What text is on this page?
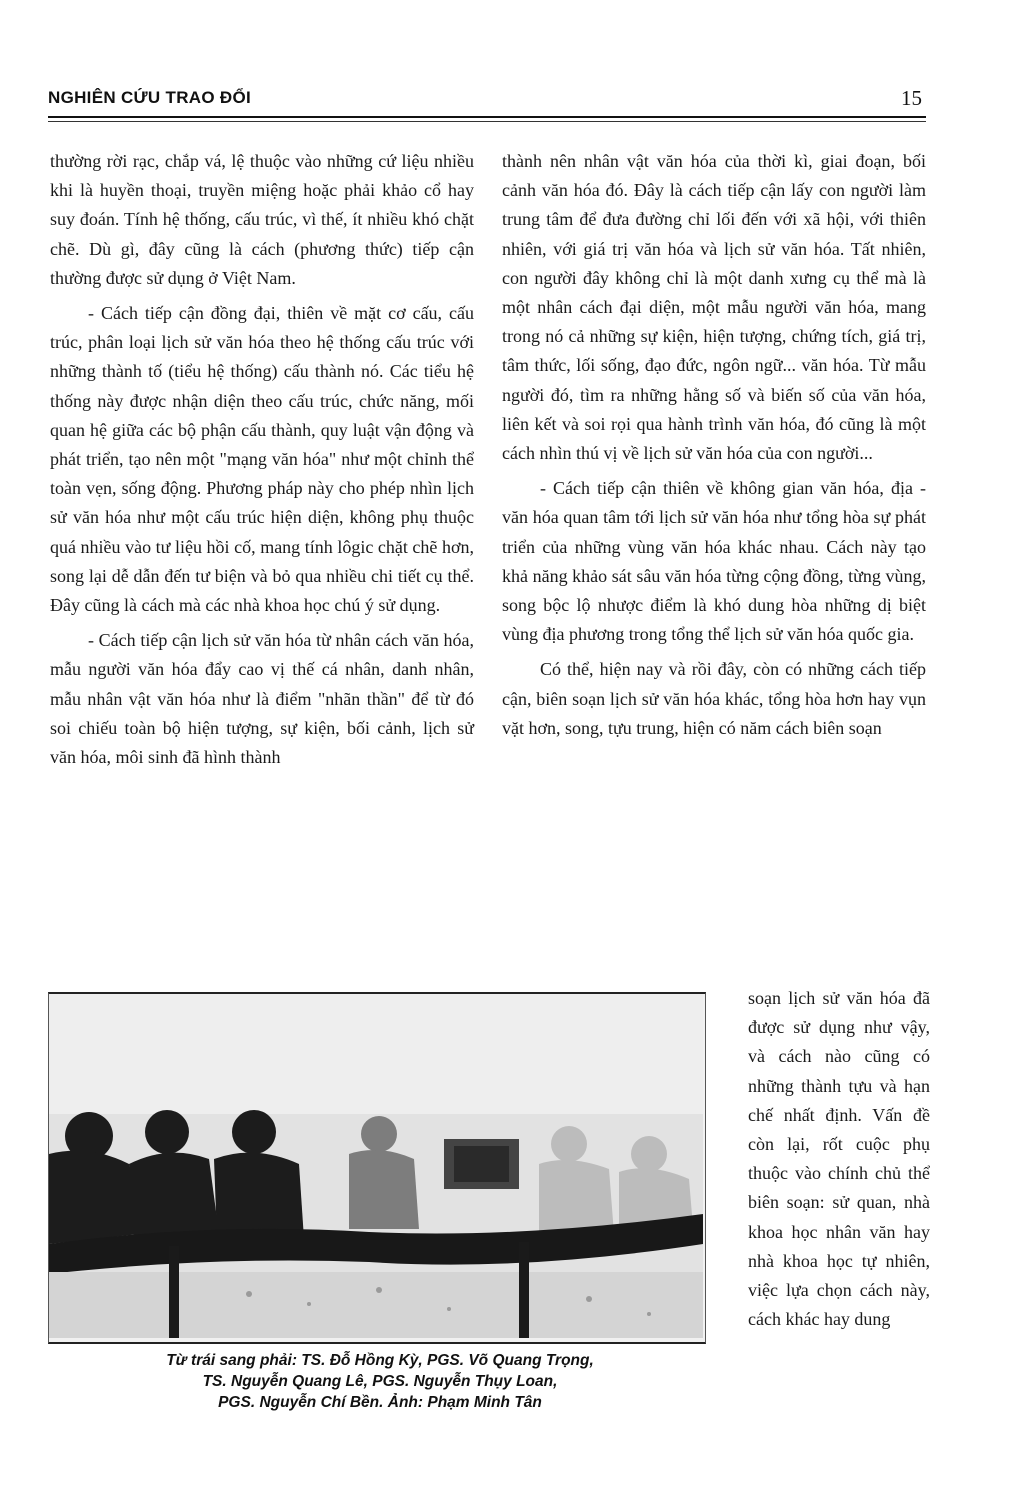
NGHIÊN CỨU TRAO ĐỔI	15

thường rời rạc, chắp vá, lệ thuộc vào những cứ liệu nhiều khi là huyền thoại, truyền miệng hoặc phải khảo cổ hay suy đoán. Tính hệ thống, cấu trúc, vì thế, ít nhiều khó chặt chẽ. Dù gì, đây cũng là cách (phương thức) tiếp cận thường được sử dụng ở Việt Nam.

- Cách tiếp cận đồng đại, thiên về mặt cơ cấu, cấu trúc, phân loại lịch sử văn hóa theo hệ thống cấu trúc với những thành tố (tiểu hệ thống) cấu thành nó. Các tiểu hệ thống này được nhận diện theo cấu trúc, chức năng, mối quan hệ giữa các bộ phận cấu thành, quy luật vận động và phát triển, tạo nên một "mạng văn hóa" như một chỉnh thể toàn vẹn, sống động. Phương pháp này cho phép nhìn lịch sử văn hóa như một cấu trúc hiện diện, không phụ thuộc quá nhiều vào tư liệu hồi cố, mang tính lôgic chặt chẽ hơn, song lại dễ dẫn đến tư biện và bỏ qua nhiều chi tiết cụ thể. Đây cũng là cách mà các nhà khoa học chú ý sử dụng.

- Cách tiếp cận lịch sử văn hóa từ nhân cách văn hóa, mẫu người văn hóa đẩy cao vị thế cá nhân, danh nhân, mẫu nhân vật văn hóa như là điểm "nhãn thần" để từ đó soi chiếu toàn bộ hiện tượng, sự kiện, bối cảnh, lịch sử văn hóa, môi sinh đã hình thành

thành nên nhân vật văn hóa của thời kì, giai đoạn, bối cảnh văn hóa đó. Đây là cách tiếp cận lấy con người làm trung tâm để đưa đường chỉ lối đến với xã hội, với thiên nhiên, với giá trị văn hóa và lịch sử văn hóa. Tất nhiên, con người đây không chỉ là một danh xưng cụ thể mà là một nhân cách đại diện, một mẫu người văn hóa, mang trong nó cả những sự kiện, hiện tượng, chứng tích, giá trị, tâm thức, lối sống, đạo đức, ngôn ngữ... văn hóa. Từ mẫu người đó, tìm ra những hằng số và biến số của văn hóa, liên kết và soi rọi qua hành trình văn hóa, đó cũng là một cách nhìn thú vị về lịch sử văn hóa của con người...

- Cách tiếp cận thiên về không gian văn hóa, địa - văn hóa quan tâm tới lịch sử văn hóa như tổng hòa sự phát triển của những vùng văn hóa khác nhau. Cách này tạo khả năng khảo sát sâu văn hóa từng cộng đồng, từng vùng, song bộc lộ nhược điểm là khó dung hòa những dị biệt vùng địa phương trong tổng thể lịch sử văn hóa quốc gia.

Có thể, hiện nay và rồi đây, còn có những cách tiếp cận, biên soạn lịch sử văn hóa khác, tổng hòa hơn hay vụn vặt hơn, song, tựu trung, hiện có năm cách biên soạn

soạn lịch sử văn hóa đã được sử dụng như vậy, và cách nào cũng có những thành tựu và hạn chế nhất định. Vấn đề còn lại, rốt cuộc phụ thuộc vào chính chủ thể biên soạn: sử quan, nhà khoa học nhân văn hay nhà khoa học tự nhiên, việc lựa chọn cách này, cách khác hay dung

Từ trái sang phải: TS. Đỗ Hồng Kỳ, PGS. Võ Quang Trọng,
TS. Nguyễn Quang Lê, PGS. Nguyễn Thụy Loan,
PGS. Nguyễn Chí Bền. Ảnh: Phạm Minh Tân
